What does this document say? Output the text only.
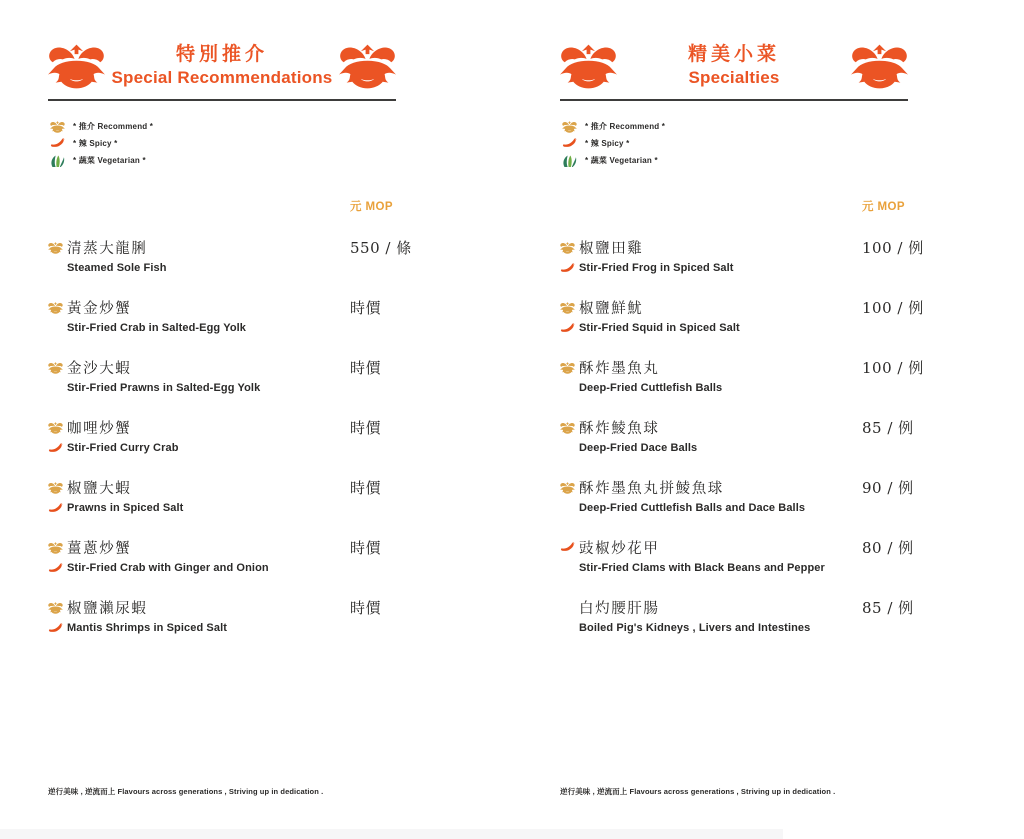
特別推介
Special Recommendations
* 推介 Recommend *
* 辣 Spicy *
* 蔬菜 Vegetarian *
元 MOP
清蒸大龍脷
Steamed Sole Fish
550 / 條
黃金炒蟹
Stir-Fried Crab in Salted-Egg Yolk
時價
金沙大蝦
Stir-Fried Prawns in Salted-Egg Yolk
時價
咖哩炒蟹
Stir-Fried Curry Crab
時價
椒鹽大蝦
Prawns in Spiced Salt
時價
薑蔥炒蟹
Stir-Fried Crab with Ginger and Onion
時價
椒鹽瀨尿蝦
Mantis Shrimps in Spiced Salt
時價
逆行美味 , 逆流而上 Flavours across generations , Striving up in dedication .
精美小菜
Specialties
* 推介 Recommend *
* 辣 Spicy *
* 蔬菜 Vegetarian *
元 MOP
椒鹽田雞
Stir-Fried Frog in Spiced Salt
100 / 例
椒鹽鮮魷
Stir-Fried Squid in Spiced Salt
100 / 例
酥炸墨魚丸
Deep-Fried Cuttlefish Balls
100 / 例
酥炸鯪魚球
Deep-Fried Dace Balls
85 / 例
酥炸墨魚丸拼鯪魚球
Deep-Fried Cuttlefish Balls and Dace Balls
90 / 例
豉椒炒花甲
Stir-Fried Clams with Black Beans and Pepper
80 / 例
白灼腰肝腸
Boiled Pig's Kidneys , Livers and Intestines
85 / 例
逆行美味 , 逆流而上 Flavours across generations , Striving up in dedication .
